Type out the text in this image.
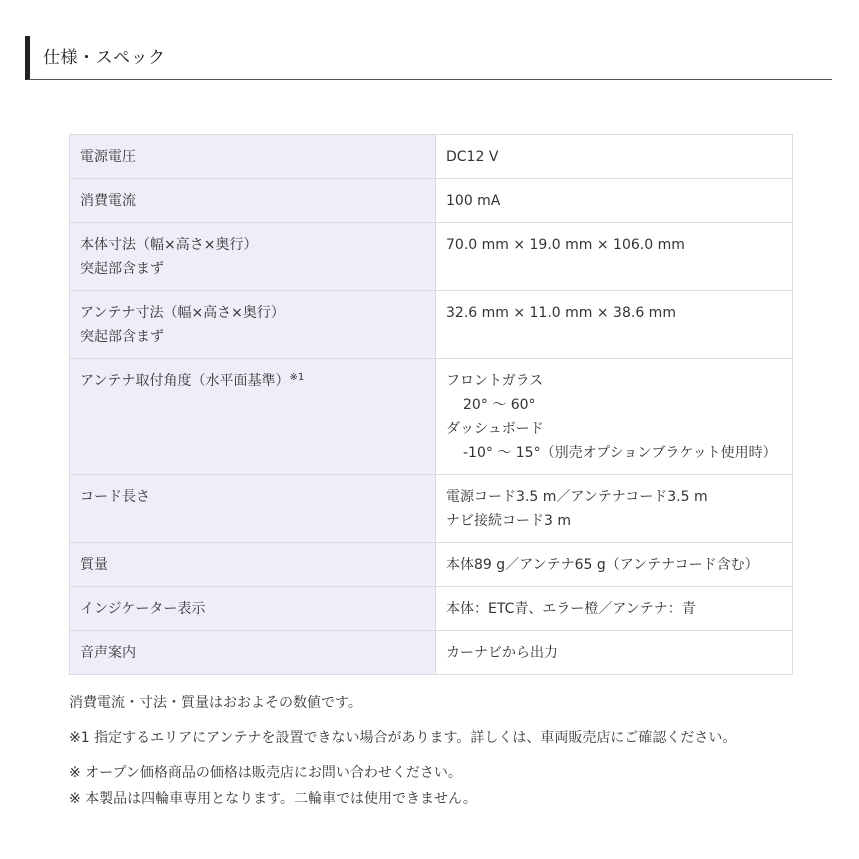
仕様・スペック
電源電圧	DC12 V

消費電流	100 mA

本体寸法（幅×高さ×奥行）
突起部含まず	70.0 mm × 19.0 mm × 106.0 mm

アンテナ寸法（幅×高さ×奥行）
突起部含まず	32.6 mm × 11.0 mm × 38.6 mm

アンテナ取付角度（水平面基準）$^{※1}$	フロントガラス
20° 〜 60°
ダッシュボード
-10° 〜 15°（別売オプションブラケット使用時）

コード長さ	電源コード3.5 m／アンテナコード3.5 m
ナビ接続コード3 m

質量	本体89 g／アンテナ65 g（アンテナコード含む）

インジケーター表示	本体：ETC青、エラー橙／アンテナ：青

音声案内	カーナビから出力

消費電流・寸法・質量はおおよその数値です。

※1 指定するエリアにアンテナを設置できない場合があります。詳しくは、車両販売店にご確認ください。

※ オープン価格商品の価格は販売店にお問い合わせください。

※ 本製品は四輪車専用となります。二輪車では使用できません。
